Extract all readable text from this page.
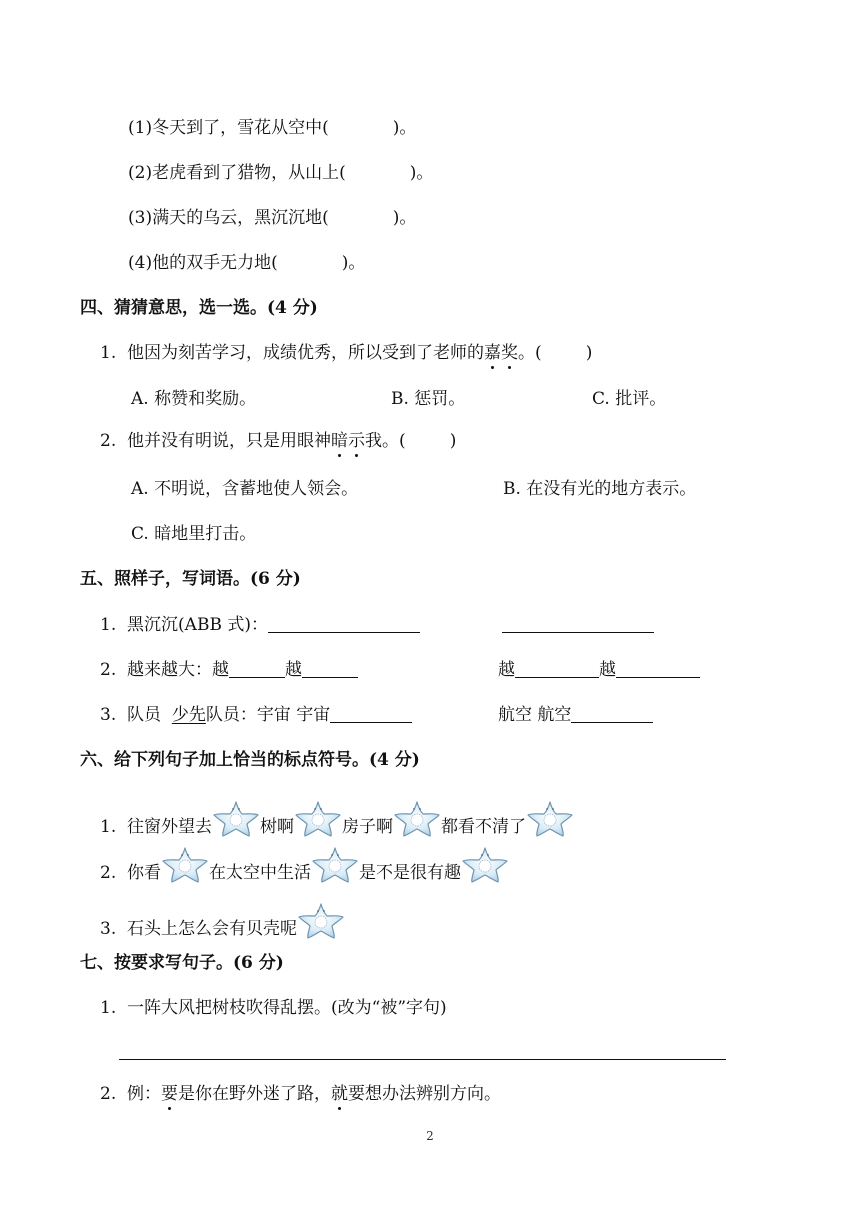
(1)冬天到了，雪花从空中(	)。
(2)老虎看到了猎物，从山上(	)。
(3)满天的乌云，黑沉沉地(	)。
(4)他的双手无力地(	)。
四、猜猜意思，选一选。(4 分)
1. 他因为刻苦学习，成绩优秀，所以受到了老师的嘉奖。(	)
A. 称赞和奖励。	B. 惩罚。	C. 批评。
2. 他并没有明说，只是用眼神暗示我。(	)
A. 不明说，含蓄地使人领会。	B. 在没有光的地方表示。
C. 暗地里打击。
五、照样子，写词语。(6 分)
1. 黑沉沉(ABB 式)：
2. 越来越大：越	越	越	越
3. 队员 少先队员：宇宙 宇宙	航空 航空
六、给下列句子加上恰当的标点符号。(4 分)
1. 往窗外望去	树啊	房子啊	都看不清了
2. 你看	在太空中生活	是不是很有趣
3. 石头上怎么会有贝壳呢
七、按要求写句子。(6 分)
1. 一阵大风把树枝吹得乱摆。(改为“被”字句)
2. 例：要是你在野外迷了路，就要想办法辨别方向。
2
